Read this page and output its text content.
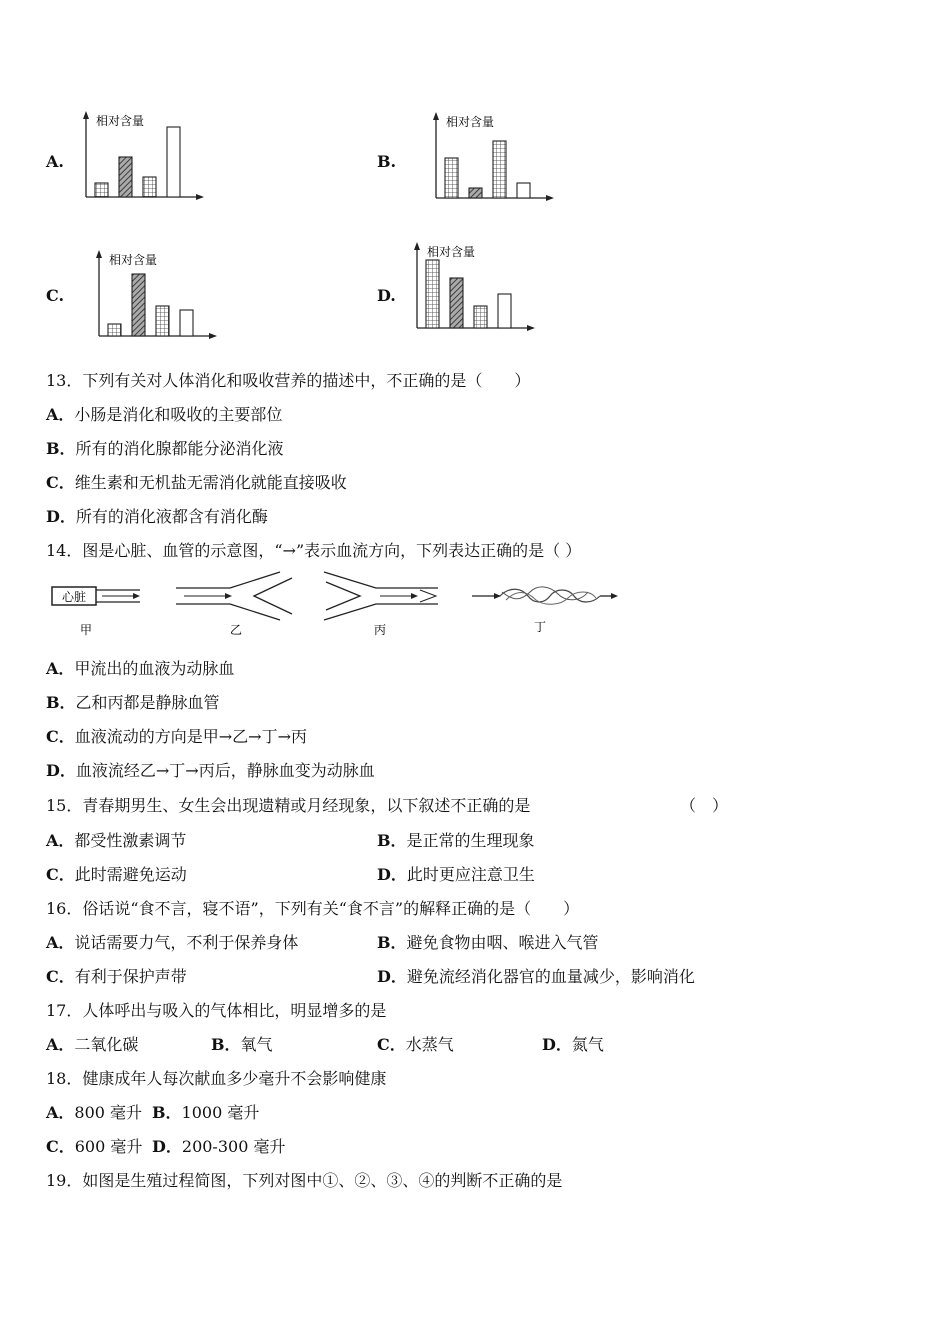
A.	B.
C.	D.
相对含量	相对含量
相对含量
相对含量
13．下列有关对人体消化和吸收营养的描述中，不正确的是（　　）
A．小肠是消化和吸收的主要部位
B．所有的消化腺都能分泌消化液
C．维生素和无机盐无需消化就能直接吸收
D．所有的消化液都含有消化酶
14．图是心脏、血管的示意图，“→”表示血流方向，下列表达正确的是（ ）
心脏
甲	乙	丙	丁
A．甲流出的血液为动脉血
B．乙和丙都是静脉血管
C．血液流动的方向是甲→乙→丁→丙
D．血液流经乙→丁→丙后，静脉血变为动脉血
15．青春期男生、女生会出现遗精或月经现象，以下叙述不正确的是	（　）
A．都受性激素调节	B．是正常的生理现象
C．此时需避免运动	D．此时更应注意卫生
16．俗话说“食不言，寝不语”，下列有关“食不言”的解释正确的是（　　）
A．说话需要力气，不利于保养身体	B．避免食物由咽、喉进入气管
C．有利于保护声带	D．避免流经消化器官的血量减少，影响消化
17．人体呼出与吸入的气体相比，明显增多的是
A．二氧化碳	B．氧气	C．水蒸气	D．氮气
18．健康成年人每次献血多少毫升不会影响健康
A．800 毫升 B．1000 毫升
C．600 毫升 D．200-300 毫升
19．如图是生殖过程简图，下列对图中①、②、③、④的判断不正确的是
